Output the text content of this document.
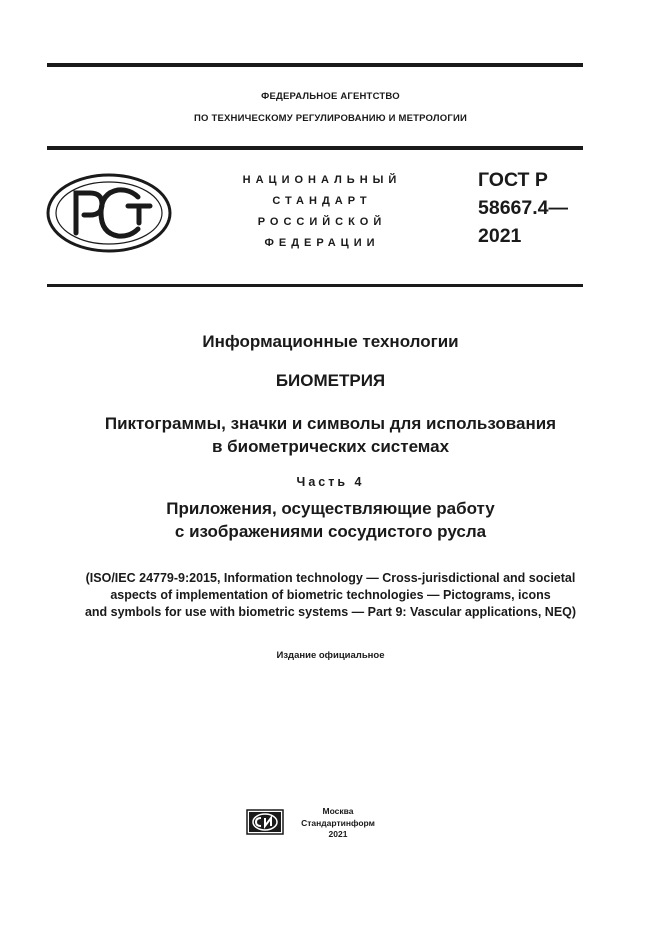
ФЕДЕРАЛЬНОЕ АГЕНТСТВО
ПО ТЕХНИЧЕСКОМУ РЕГУЛИРОВАНИЮ И МЕТРОЛОГИИ
РСТ
НАЦИОНАЛЬНЫЙ
СТАНДАРТ
РОССИЙСКОЙ
ФЕДЕРАЦИИ
ГОСТ Р
58667.4—
2021
Информационные технологии
БИОМЕТРИЯ
Пиктограммы, значки и символы для использования
в биометрических системах
Часть 4
Приложения, осуществляющие работу
с изображениями сосудистого русла
(ISO/IEC 24779-9:2015, Information technology — Cross-jurisdictional and societal
aspects of implementation of biometric technologies — Pictograms, icons
and symbols for use with biometric systems — Part 9: Vascular applications, NEQ)
Издание официальное
СИ	Москва
Стандартинформ
2021
